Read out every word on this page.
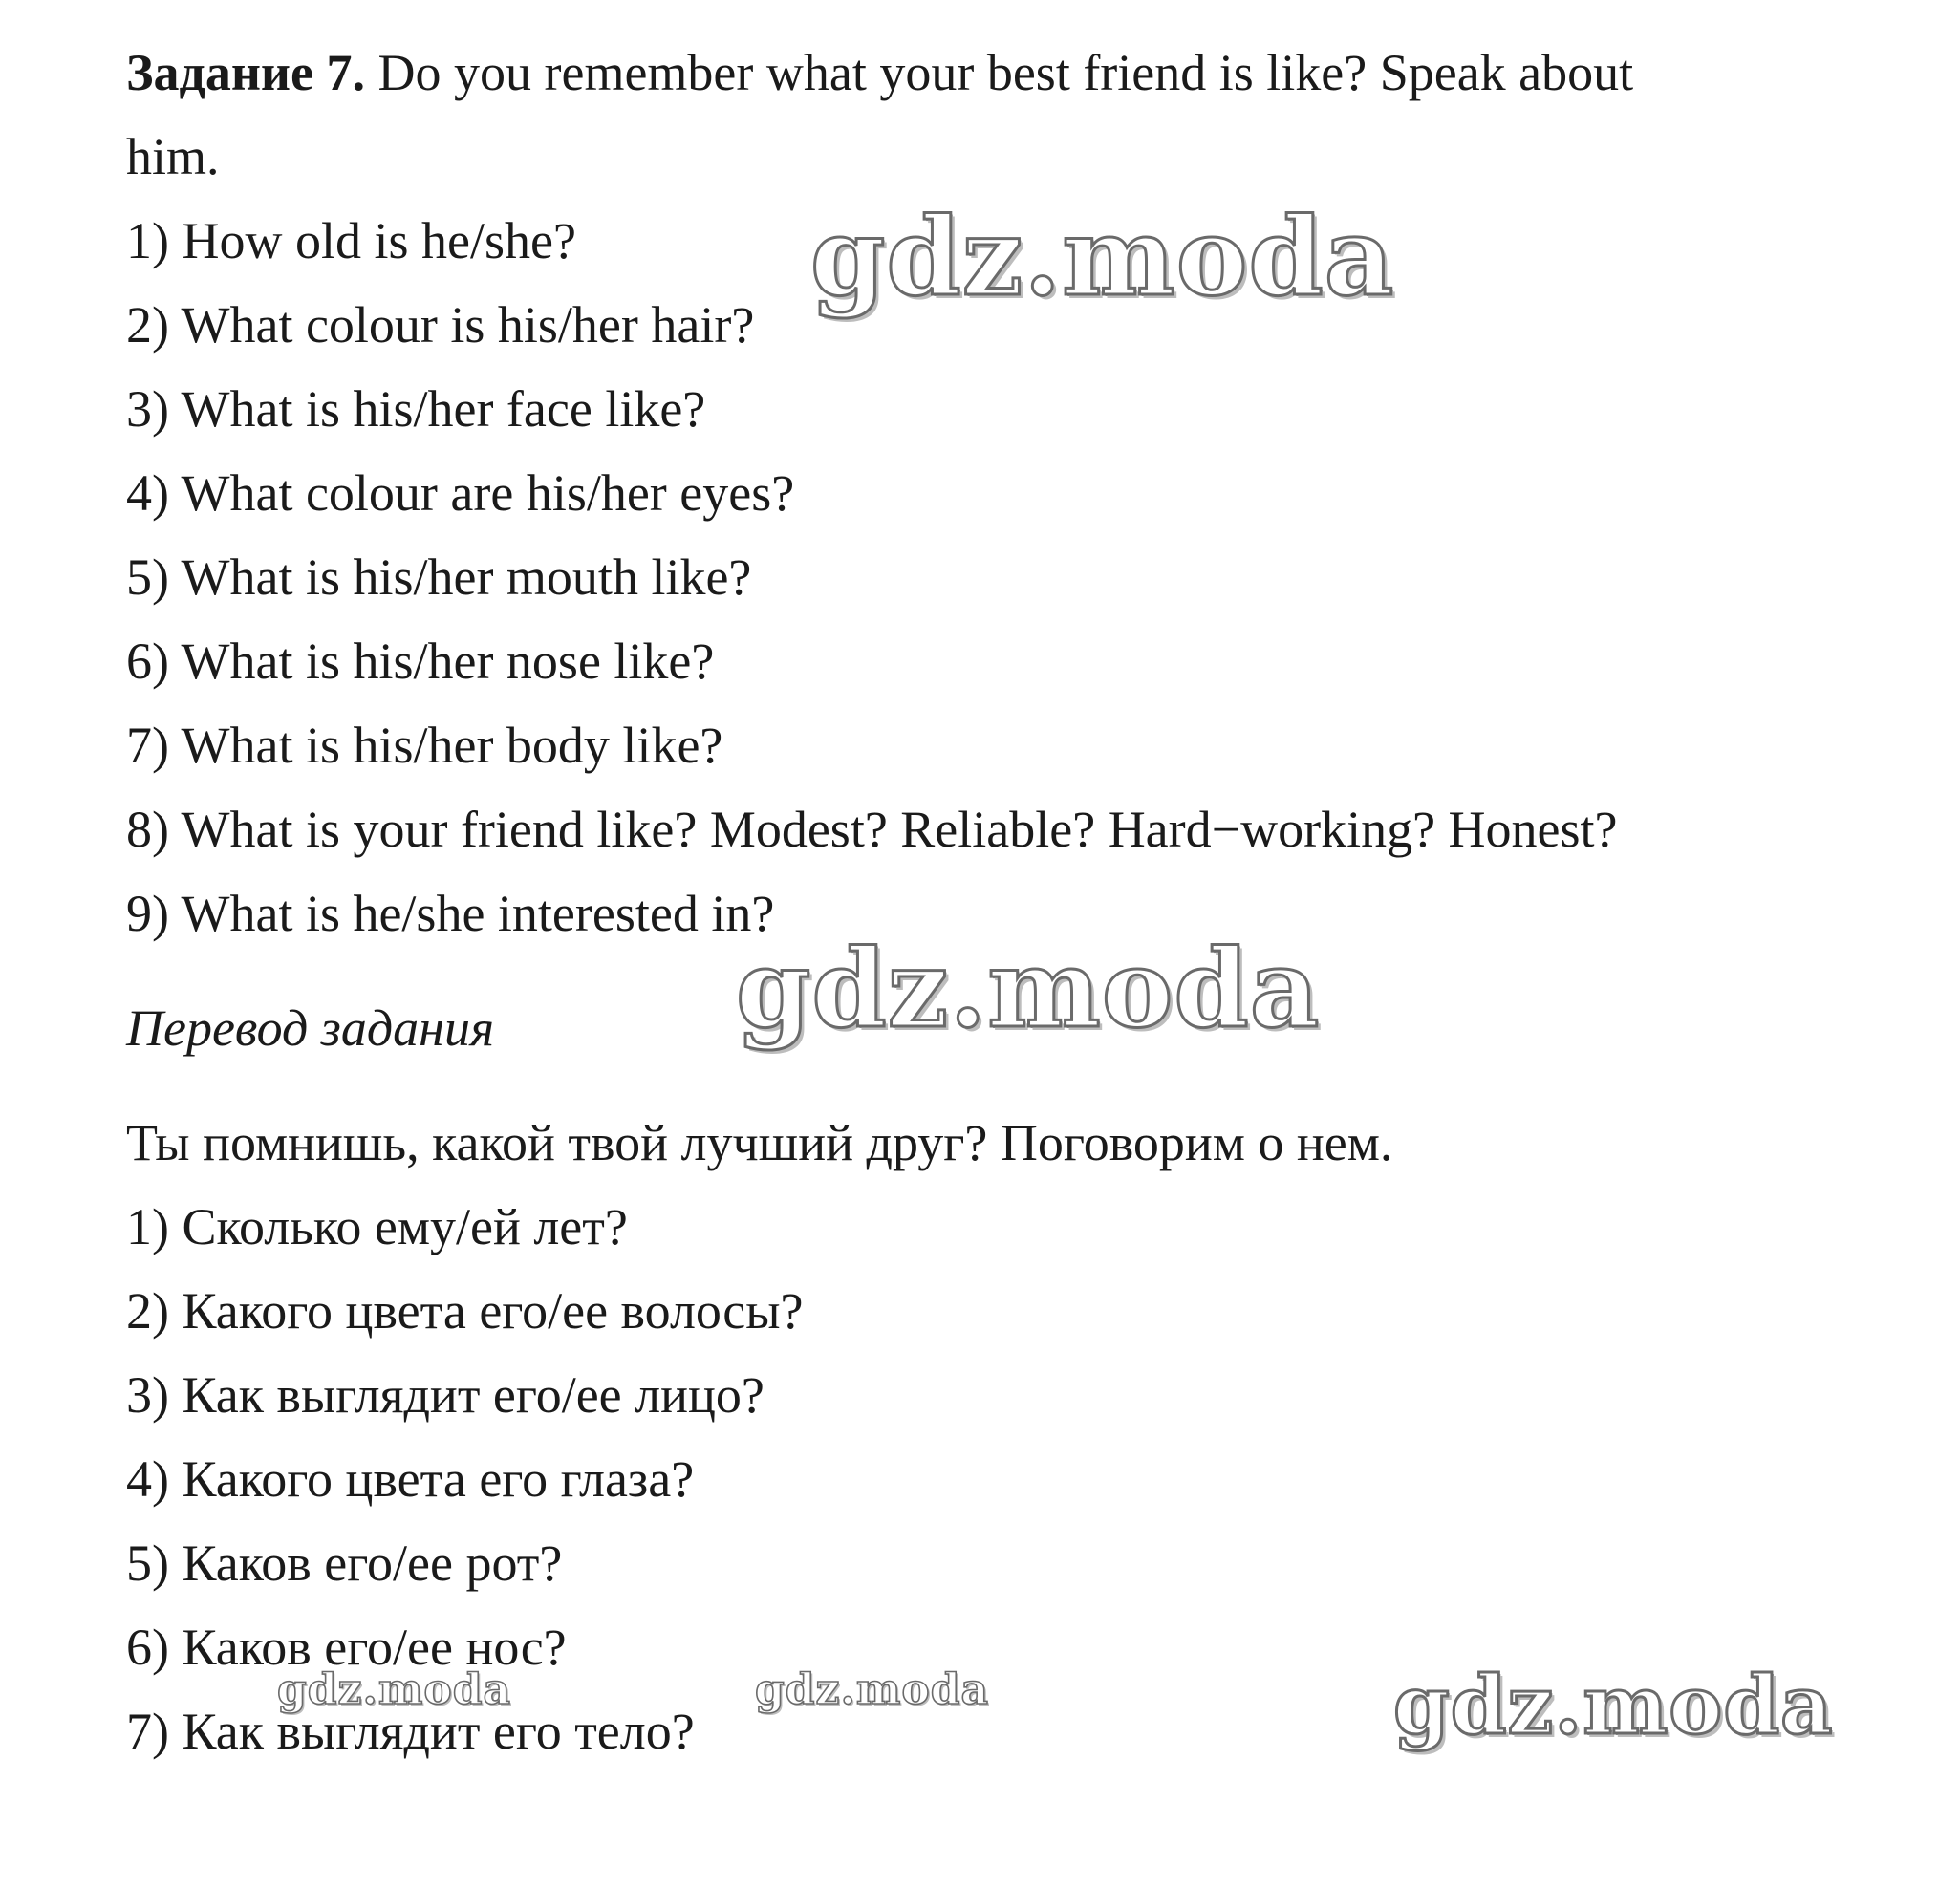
Задание 7. Do you remember what your best friend is like? Speak about
him.
1) How old is he/she?
2) What colour is his/her hair?
3) What is his/her face like?
4) What colour are his/her eyes?
5) What is his/her mouth like?
6) What is his/her nose like?
7) What is his/her body like?
8) What is your friend like? Modest? Reliable? Hard−working? Honest?
9) What is he/she interested in?
Перевод задания
Ты помнишь, какой твой лучший друг? Поговорим о нем.
1) Сколько ему/ей лет?
2) Какого цвета его/ее волосы?
3) Как выглядит его/ее лицо?
4) Какого цвета его глаза?
5) Каков его/ее рот?
6) Каков его/ее нос?
7) Как выглядит его тело?
gdz.moda
gdz.moda
gdz.moda	gdz.moda	gdz.moda
